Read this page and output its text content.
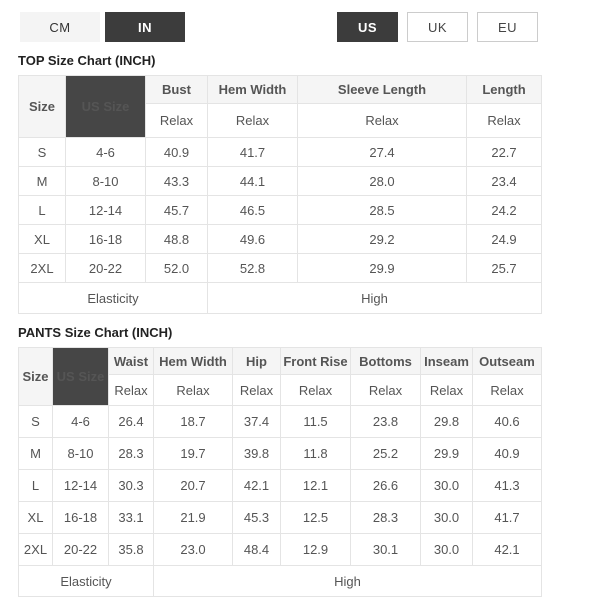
CM	IN	US	UK	EU
TOP Size Chart (INCH)
Size	US Size	Bust	Hem Width	Sleeve Length	Length
		Relax	Relax	Relax	Relax
S	4-6	40.9	41.7	27.4	22.7
M	8-10	43.3	44.1	28.0	23.4
L	12-14	45.7	46.5	28.5	24.2
XL	16-18	48.8	49.6	29.2	24.9
2XL	20-22	52.0	52.8	29.9	25.7
Elasticity			High		
PANTS Size Chart (INCH)
Size	US Size	Waist	Hem Width	Hip	Front Rise	Bottoms	Inseam	Outseam
		Relax	Relax	Relax	Relax	Relax	Relax	Relax
S	4-6	26.4	18.7	37.4	11.5	23.8	29.8	40.6
M	8-10	28.3	19.7	39.8	11.8	25.2	29.9	40.9
L	12-14	30.3	20.7	42.1	12.1	26.6	30.0	41.3
XL	16-18	33.1	21.9	45.3	12.5	28.3	30.0	41.7
2XL	20-22	35.8	23.0	48.4	12.9	30.1	30.0	42.1
Elasticity			High					
